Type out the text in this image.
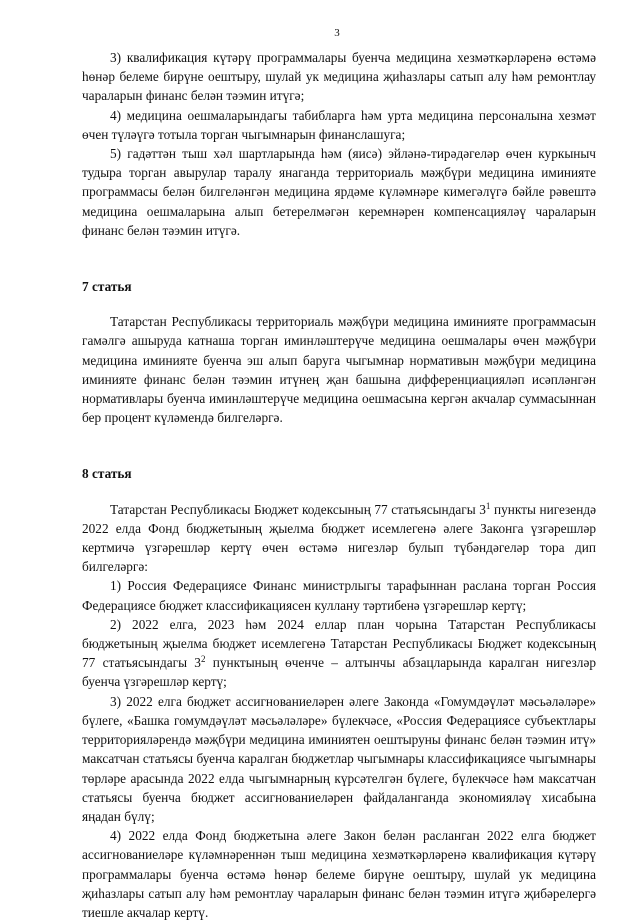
3

3) квалификация күтәрү программалары буенча медицина хезмәткәрләренә өстәмә һөнәр белеме бирүне оештыру, шулай ук медицина җиһазлары сатып алу һәм ремонтлау чараларын финанс белән тәэмин итүгә;

4) медицина оешмаларындагы табибларга һәм урта медицина персоналына хезмәт өчен түләүгә тотыла торган чыгымнарын финанслашуга;

5) гадәттән тыш хәл шартларында һәм (яисә) эйләнә-тирәдәгеләр өчен куркыныч тудыра торган авырулар таралу янаганда территориаль мәҗбүри медицина иминияте программасы белән билгеләнгән медицина ярдәме күләмнәре кимегәлүгә бәйле рәвештә медицина оешмаларына алып бетерелмәгән керемнәрен компенсацияләү чараларын финанс белән тәэмин итүгә.

7 статья

Татарстан Республикасы территориаль мәҗбүри медицина иминияте программасын гамәлгә ашыруда катнаша торган иминләштерүче медицина оешмалары өчен мәҗбүри медицина иминияте буенча эш алып баруга чыгымнар нормативын мәҗбүри медицина иминияте финанс белән тәэмин итүнең җан башына дифференциацияләп исәпләнгән нормативлары буенча иминләштерүче медицина оешмасына кергән акчалар суммасыннан бер процент күләмендә билгеләргә.

8 статья

Татарстан Республикасы Бюджет кодексының 77 статьясындагы $3^1$ пункты нигезендә 2022 елда Фонд бюджетының җыелма бюджет исемлегенә әлеге Законга үзгәрешләр кертмичә үзгәрешләр кертү өчен өстәмә нигезләр булып түбәндәгеләр тора дип билгеләргә:

1) Россия Федерациясе Финанс министрлыгы тарафыннан раслана торган Россия Федерациясе бюджет классификациясен куллану тәртибенә үзгәрешләр кертү;

2) 2022 елга, 2023 һәм 2024 еллар план чорына Татарстан Республикасы бюджетының җыелма бюджет исемлегенә Татарстан Республикасы Бюджет кодексының 77 статьясындагы $3^2$ пунктының өченче – алтынчы абзацларында каралган нигезләр буенча үзгәрешләр кертү;

3) 2022 елга бюджет ассигнованиеләрен әлеге Законда «Гомумдәүләт мәсьәләләре» бүлеге, «Башка гомумдәүләт мәсьәләләре» бүлекчәсе, «Россия Федерациясе субъектлары территорияләрендә мәҗбүри медицина иминиятен оештыруны финанс белән тәэмин итү» максатчан статьясы буенча каралган бюджетлар чыгымнары классификациясе чыгымнары төрләре арасында 2022 елда чыгымнарның күрсәтелгән бүлеге, бүлекчәсе һәм максатчан статьясы буенча бюджет ассигнованиеләрен файдаланганда экономияләү хисабына яңадан бүлү;

4) 2022 елда Фонд бюджетына әлеге Закон белән расланган 2022 елга бюджет ассигнованиеләре күләмнәреннән тыш медицина хезмәткәрләренә квалификация күтәрү программалары буенча өстәмә һөнәр белеме бирүне оештыру, шулай ук медицина җиһазлары сатып алу һәм ремонтлау чараларын финанс белән тәэмин итүгә җибәрелергә тиешле акчалар кертү.
